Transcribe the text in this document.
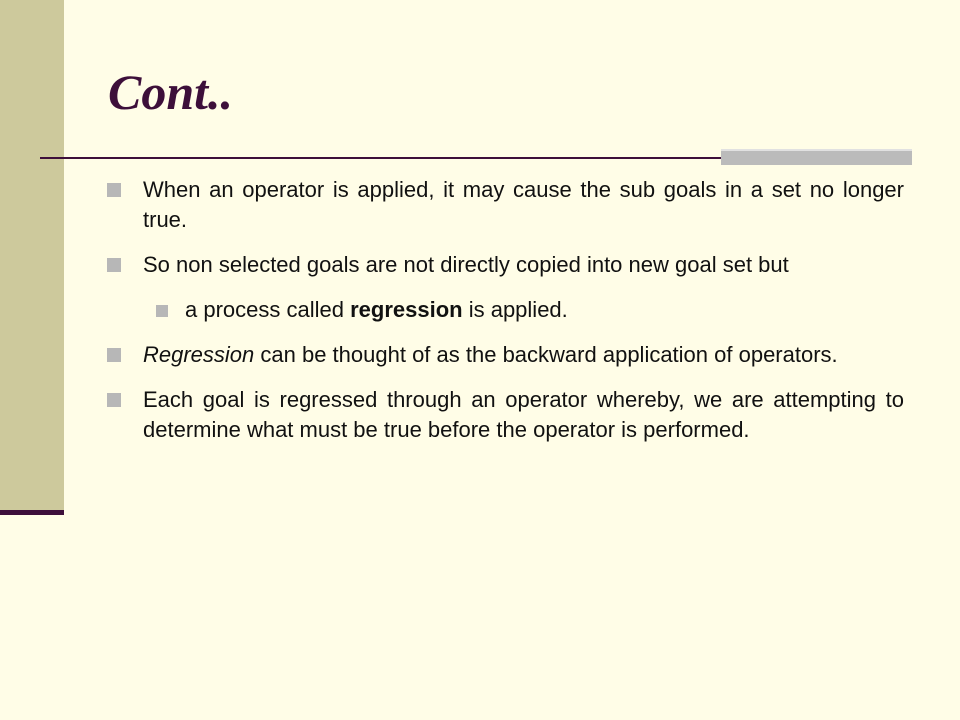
Cont..
When an operator is applied, it may cause the sub goals in a set no longer true.
So non selected goals are not directly copied into new goal set but
a process called regression is applied.
Regression can be thought of as the backward application of operators.
Each goal is regressed through an operator whereby, we are attempting to determine what must be true before the operator is performed.
